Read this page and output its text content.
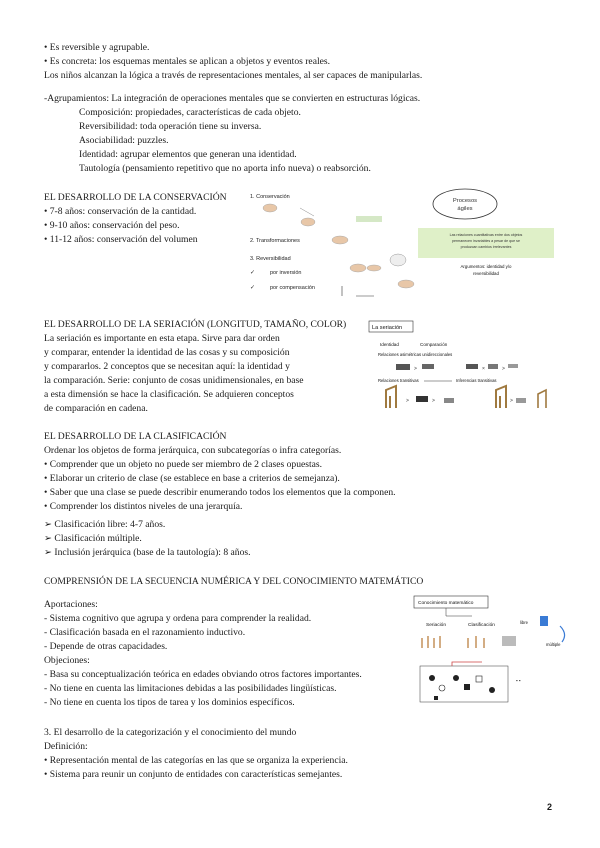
• Es reversible y agrupable.
• Es concreta: los esquemas mentales se aplican a objetos y eventos reales.
Los niños alcanzan la lógica a través de representaciones mentales, al ser capaces de manipularlas.
-Agrupamientos: La integración de operaciones mentales que se convierten en estructuras lógicas.
Composición: propiedades, características de cada objeto.
Reversibilidad: toda operación tiene su inversa.
Asociabilidad: puzzles.
Identidad: agrupar elementos que generan una identidad.
Tautología (pensamiento repetitivo que no aporta info nueva) o reabsorción.
EL DESARROLLO DE LA CONSERVACIÓN
• 7-8 años: conservación de la cantidad.
• 9-10 años: conservación del peso.
• 11-12 años: conservación del volumen
1. Conservación
2. Transformaciones
3. Reversibilidad
✓	por inversión
✓	por compensación
Procesos
ágiles
Las relaciones cuantitativas entre dos objetos
permanecen invariables a pesar de que se
produzcan cambios irrelevantes
Argumentos: identidad y/o
reversibilidad
EL DESARROLLO DE LA SERIACIÓN (LONGITUD, TAMAÑO, COLOR)
La seriación es importante en esta etapa. Sirve para dar orden
y comparar, entender la identidad de las cosas y su composición
y compararlos. 2 conceptos que se necesitan aquí: la identidad y
la comparación. Serie: conjunto de cosas unidimensionales, en base
a esta dimensión se hace la clasificación. Se adquieren conceptos
de comparación en cadena.
La seriación
Identidad	Comparación
Relaciones asimétricas unidireccionales
>	×	>
Relaciones transitivas	Inferencias transitivas
>	>	>
EL DESARROLLO DE LA CLASIFICACIÓN
Ordenar los objetos de forma jerárquica, con subcategorías o infra categorías.
• Comprender que un objeto no puede ser miembro de 2 clases opuestas.
• Elaborar un criterio de clase (se establece en base a criterios de semejanza).
• Saber que una clase se puede describir enumerando todos los elementos que la componen.
• Comprender los distintos niveles de una jerarquía.
➢ Clasificación libre: 4-7 años.
➢ Clasificación múltiple.
➢ Inclusión jerárquica (base de la tautología): 8 años.
COMPRENSIÓN DE LA SECUENCIA NUMÉRICA Y DEL CONOCIMIENTO MATEMÁTICO
Aportaciones:
- Sistema cognitivo que agrupa y ordena para comprender la realidad.
- Clasificación basada en el razonamiento inductivo.
- Depende de otras capacidades.
Objeciones:
- Basa su conceptualización teórica en edades obviando otros factores importantes.
- No tiene en cuenta las limitaciones debidas a las posibilidades lingüísticas.
- No tiene en cuenta los tipos de tarea y los dominios específicos.
Conocimiento matemático
Seriación	Clasificación
libre
múltiple
▪ ▪
3. El desarrollo de la categorización y el conocimiento del mundo
Definición:
• Representación mental de las categorías en las que se organiza la experiencia.
• Sistema para reunir un conjunto de entidades con características semejantes.
2
